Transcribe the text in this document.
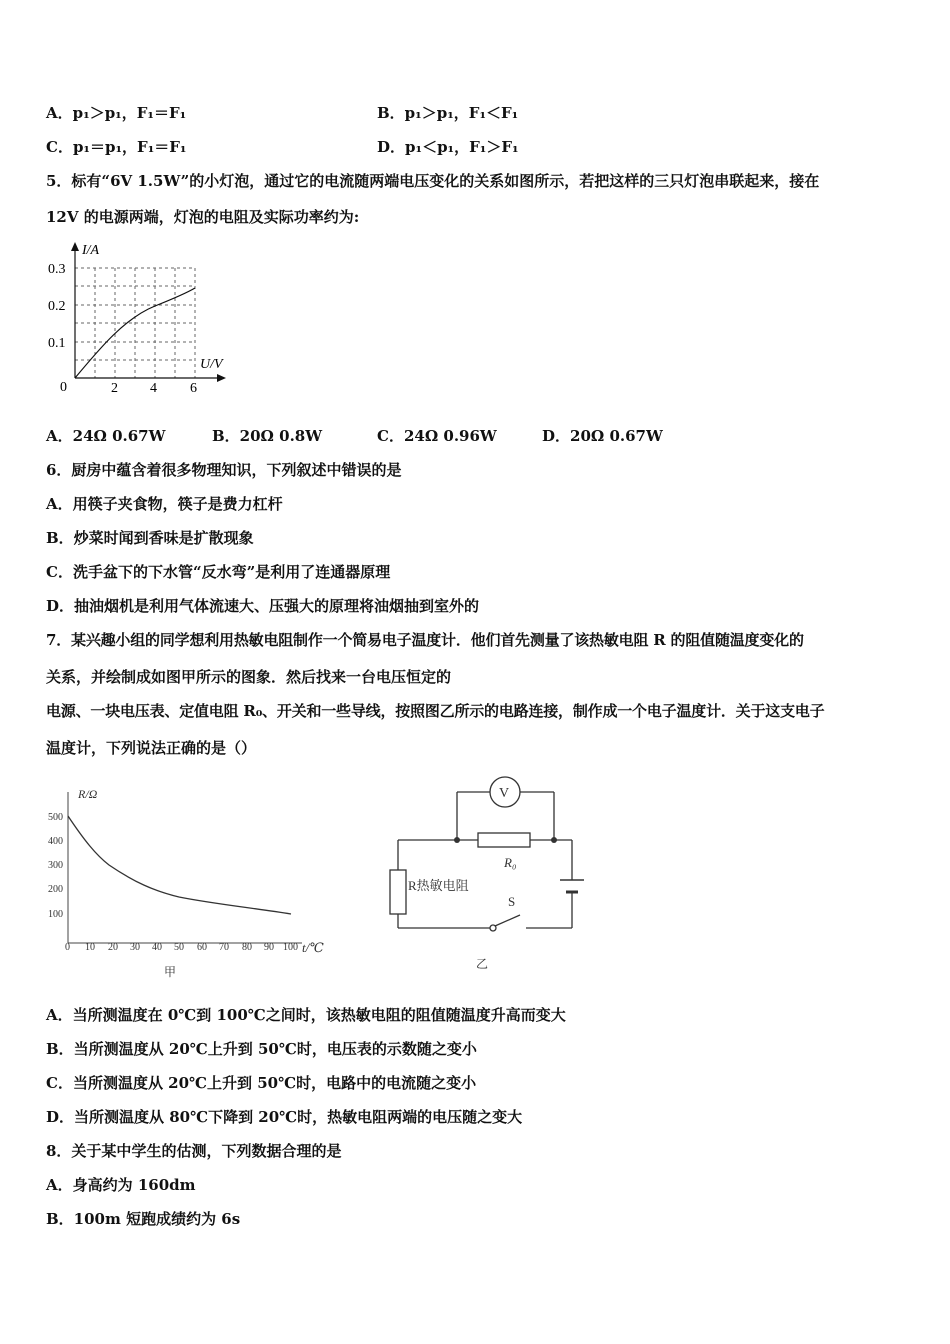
A．p₁＞p₁，F₁＝F₁	B．p₁＞p₁，F₁＜F₁
C．p₁＝p₁，F₁＝F₁	D．p₁＜p₁，F₁＞F₁
5．标有“6V 1.5W”的小灯泡，通过它的电流随两端电压变化的关系如图所示，若把这样的三只灯泡串联起来，接在
12V 的电源两端，灯泡的电阻及实际功率约为:
I/A
U/V
0.3
0.2
0.1
0	2 4 6
A．24Ω 0.67W	B．20Ω 0.8W	C．24Ω 0.96W	D．20Ω 0.67W
6．厨房中蕴含着很多物理知识，下列叙述中错误的是
A．用筷子夹食物，筷子是费力杠杆
B．炒菜时闻到香味是扩散现象
C．洗手盆下的下水管“反水弯”是利用了连通器原理
D．抽油烟机是利用气体流速大、压强大的原理将油烟抽到室外的
7．某兴趣小组的同学想利用热敏电阻制作一个简易电子温度计．他们首先测量了该热敏电阻 R 的阻值随温度变化的
关系，并绘制成如图甲所示的图象．然后找来一台电压恒定的
电源、一块电压表、定值电阻 R₀、开关和一些导线，按照图乙所示的电路连接，制作成一个电子温度计．关于这支电子
温度计，下列说法正确的是（）
R/Ω
t/℃
500
400
300
200
100
0 10 20 30 40 50 60 70 80 90 100
甲
V
R₀
R热敏电阻
S
乙
A．当所测温度在 0℃到 100℃之间时，该热敏电阻的阻值随温度升高而变大
B．当所测温度从 20℃上升到 50℃时，电压表的示数随之变小
C．当所测温度从 20℃上升到 50℃时，电路中的电流随之变小
D．当所测温度从 80℃下降到 20℃时，热敏电阻两端的电压随之变大
8．关于某中学生的估测，下列数据合理的是
A．身高约为 160dm
B．100m 短跑成绩约为 6s
